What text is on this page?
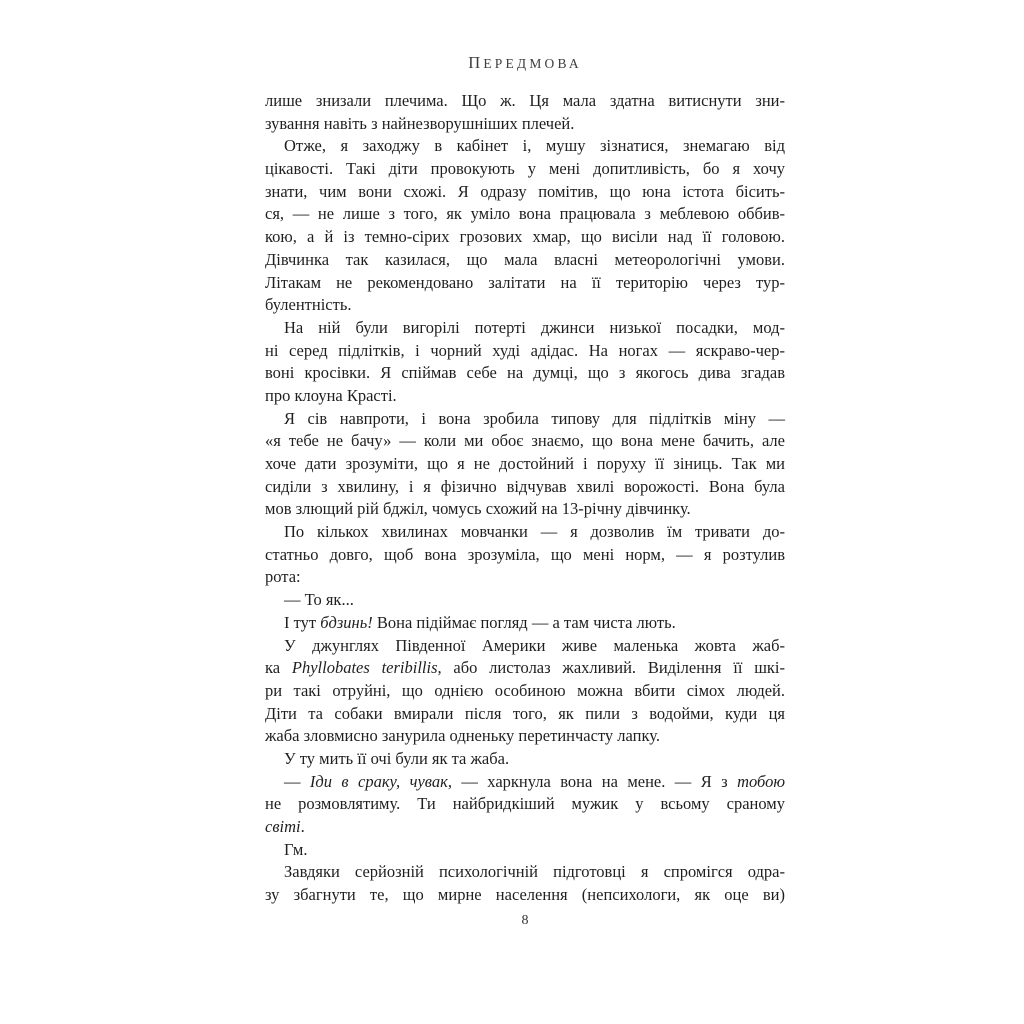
ПЕРЕДМОВА
лише знизали плечима. Що ж. Ця мала здатна витиснути зни-
зування навіть з найнезворушніших плечей.
Отже, я заходжу в кабінет і, мушу зізнатися, знемагаю від
цікавості. Такі діти провокують у мені допитливість, бо я хочу
знати, чим вони схожі. Я одразу помітив, що юна істота бісить-
ся, — не лише з того, як уміло вона працювала з меблевою оббив-
кою, а й із темно-сірих грозових хмар, що висіли над її головою.
Дівчинка так казилася, що мала власні метеорологічні умови.
Літакам не рекомендовано залітати на її територію через тур-
булентність.
На ній були вигорілі потерті джинси низької посадки, мод-
ні серед підлітків, і чорний худі адідас. На ногах — яскраво-чер-
воні кросівки. Я спіймав себе на думці, що з якогось дива згадав
про клоуна Красті.
Я сів навпроти, і вона зробила типову для підлітків міну —
«я тебе не бачу» — коли ми обоє знаємо, що вона мене бачить, але
хоче дати зрозуміти, що я не достойний і поруху її зіниць. Так ми
сиділи з хвилину, і я фізично відчував хвилі ворожості. Вона була
мов злющий рій бджіл, чомусь схожий на 13-річну дівчинку.
По кількох хвилинах мовчанки — я дозволив їм тривати до-
статньо довго, щоб вона зрозуміла, що мені норм, — я розтулив
рота:
— То як...
І тут бдзинь! Вона підіймає погляд — а там чиста лють.
У джунглях Південної Америки живе маленька жовта жаб-
ка Phyllobates teribillis, або листолаз жахливий. Виділення її шкі-
ри такі отруйні, що однією особиною можна вбити сімох людей.
Діти та собаки вмирали після того, як пили з водойми, куди ця
жаба зловмисно занурила одненьку перетинчасту лапку.
У ту мить її очі були як та жаба.
— Іди в сраку, чувак, — харкнула вона на мене. — Я з тобою
не розмовлятиму. Ти найбридкіший мужик у всьому сраному
світі.
Гм.
Завдяки серйозній психологічній підготовці я спромігся одра-
зу збагнути те, що мирне населення (непсихологи, як оце ви)
8
